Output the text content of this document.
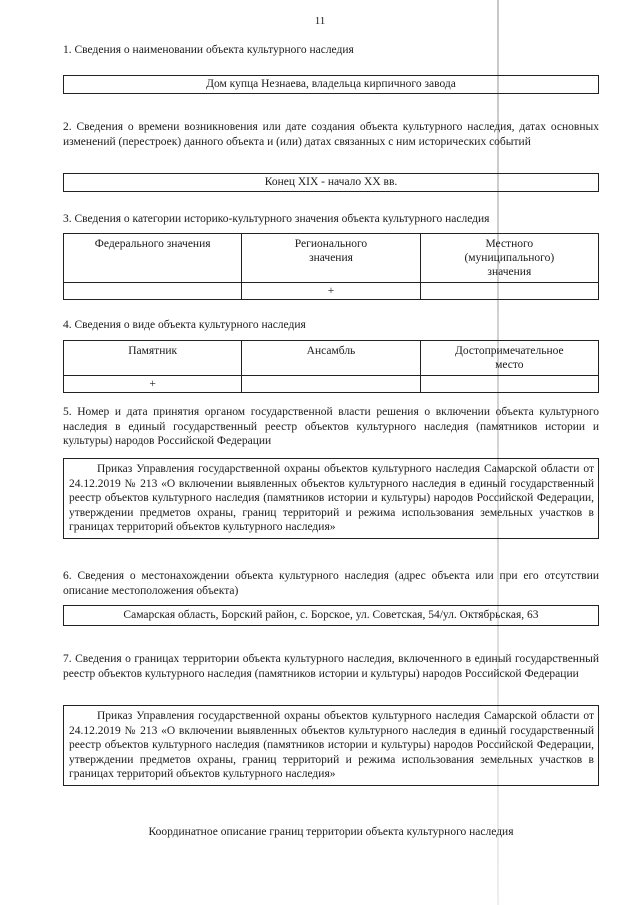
11
1. Сведения о наименовании объекта культурного наследия
Дом купца Незнаева, владельца кирпичного завода
2. Сведения о времени возникновения или дате создания объекта культурного наследия, датах основных изменений (перестроек) данного объекта и (или) датах связанных с ним исторических событий
Конец XIX - начало XX вв.
3. Сведения о категории историко-культурного значения объекта культурного наследия
Федерального значения	Регионального значения	Местного (муниципального) значения
	+	
4. Сведения о виде объекта культурного наследия
Памятник	Ансамбль	Достопримечательное место
+		
5. Номер и дата принятия органом государственной власти решения о включении объекта культурного наследия в единый государственный реестр объектов культурного наследия (памятников истории и культуры) народов Российской Федерации
Приказ Управления государственной охраны объектов культурного наследия Самарской области от 24.12.2019 № 213 «О включении выявленных объектов культурного наследия в единый государственный реестр объектов культурного наследия (памятников истории и культуры) народов Российской Федерации, утверждении предметов охраны, границ территорий и режима использования земельных участков в границах территорий объектов культурного наследия»
6. Сведения о местонахождении объекта культурного наследия (адрес объекта или при его отсутствии описание местоположения объекта)
Самарская область, Борский район, с. Борское, ул. Советская, 54/ул. Октябрьская, 63
7. Сведения о границах территории объекта культурного наследия, включенного в единый государственный реестр объектов культурного наследия (памятников истории и культуры) народов Российской Федерации
Приказ Управления государственной охраны объектов культурного наследия Самарской области от 24.12.2019 № 213 «О включении выявленных объектов культурного наследия в единый государственный реестр объектов культурного наследия (памятников истории и культуры) народов Российской Федерации, утверждении предметов охраны, границ территорий и режима использования земельных участков в границах территорий объектов культурного наследия»
Координатное описание границ территории объекта культурного наследия
